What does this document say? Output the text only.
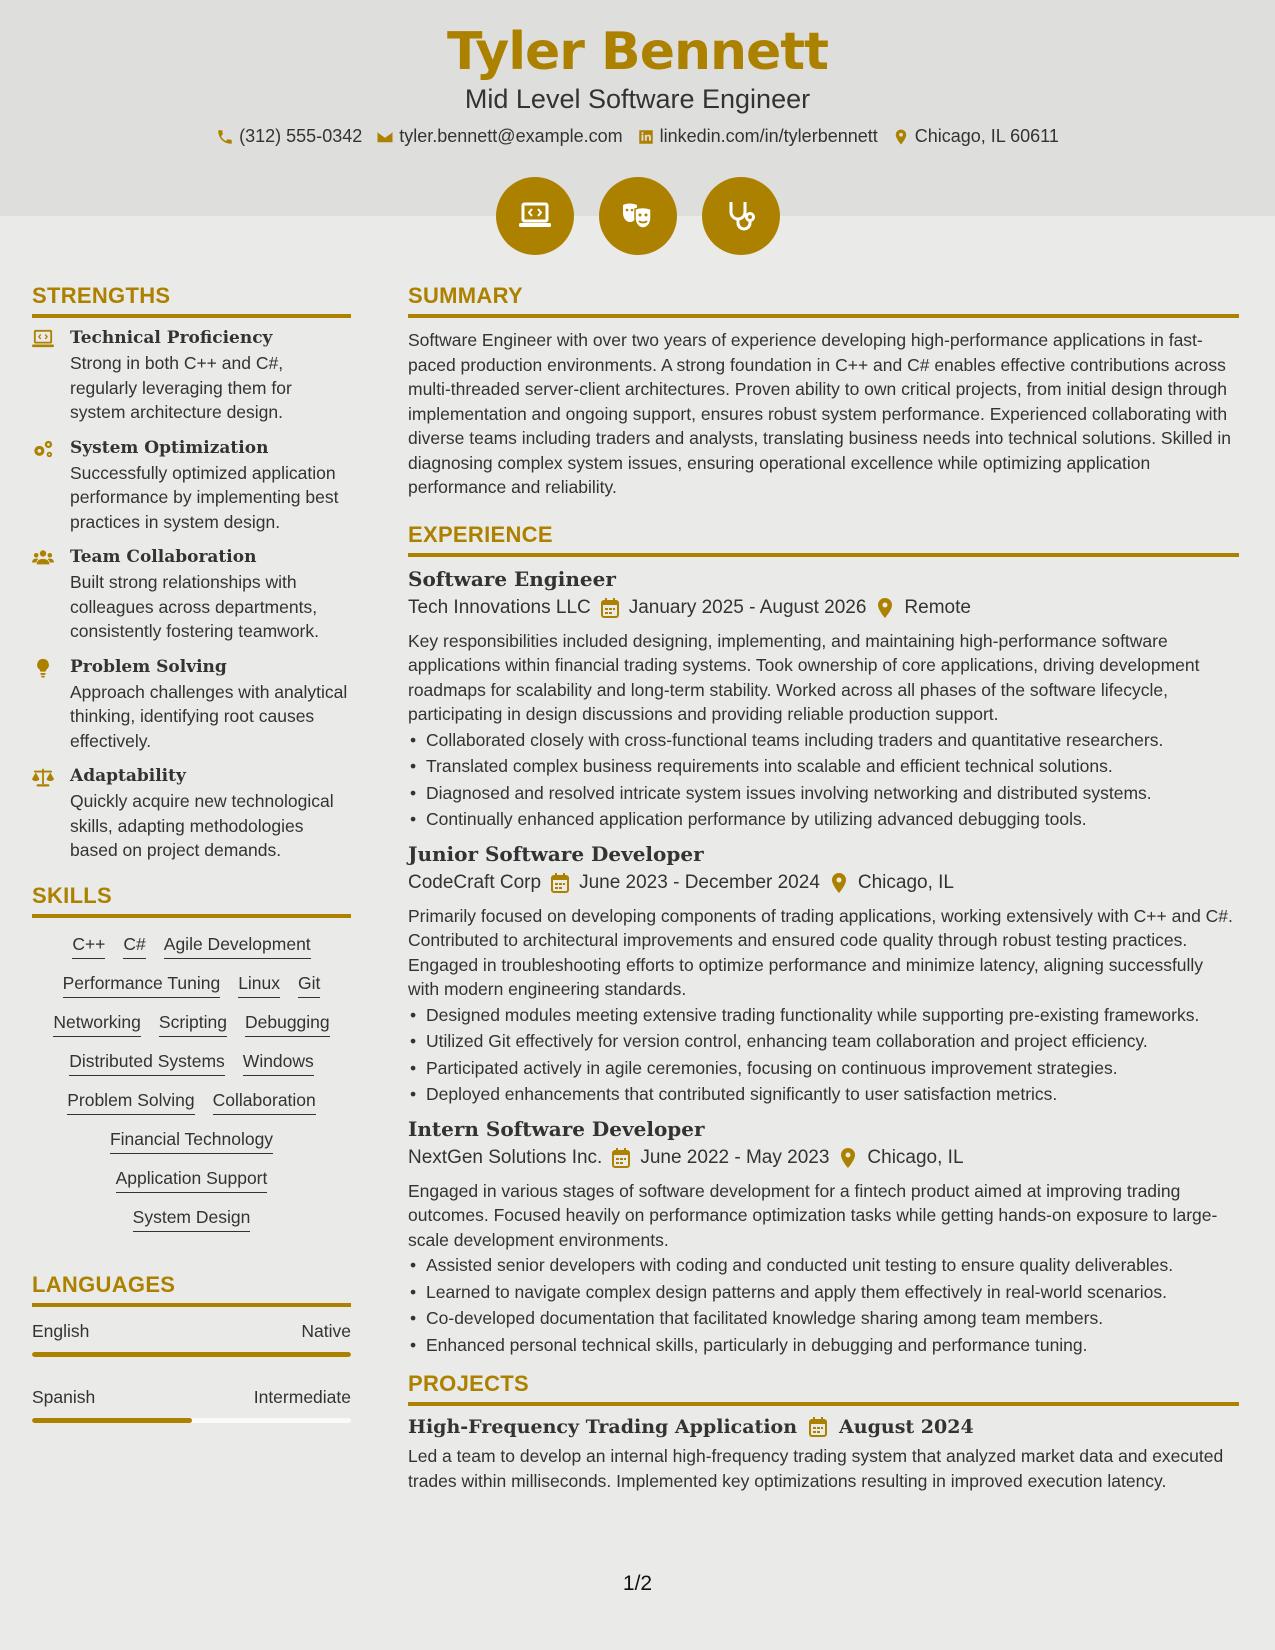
Tyler Bennett
Mid Level Software Engineer
(312) 555-0342 tyler.bennett@example.com linkedin.com/in/tylerbennett Chicago, IL 60611
STRENGTHS
Technical Proficiency
Strong in both C++ and C#, regularly leveraging them for system architecture design.
System Optimization
Successfully optimized application performance by implementing best practices in system design.
Team Collaboration
Built strong relationships with colleagues across departments, consistently fostering teamwork.
Problem Solving
Approach challenges with analytical thinking, identifying root causes effectively.
Adaptability
Quickly acquire new technological skills, adapting methodologies based on project demands.
SKILLS
C++ C# Agile Development
Performance Tuning Linux Git
Networking Scripting Debugging
Distributed Systems Windows
Problem Solving Collaboration
Financial Technology
Application Support
System Design
LANGUAGES
English	Native
Spanish	Intermediate
SUMMARY
Software Engineer with over two years of experience developing high-performance applications in fast-paced production environments. A strong foundation in C++ and C# enables effective contributions across multi-threaded server-client architectures. Proven ability to own critical projects, from initial design through implementation and ongoing support, ensures robust system performance. Experienced collaborating with diverse teams including traders and analysts, translating business needs into technical solutions. Skilled in diagnosing complex system issues, ensuring operational excellence while optimizing application performance and reliability.
EXPERIENCE
Software Engineer
Tech Innovations LLC January 2025 - August 2026 Remote
Key responsibilities included designing, implementing, and maintaining high-performance software applications within financial trading systems. Took ownership of core applications, driving development roadmaps for scalability and long-term stability. Worked across all phases of the software lifecycle, participating in design discussions and providing reliable production support.
• Collaborated closely with cross-functional teams including traders and quantitative researchers.
• Translated complex business requirements into scalable and efficient technical solutions.
• Diagnosed and resolved intricate system issues involving networking and distributed systems.
• Continually enhanced application performance by utilizing advanced debugging tools.
Junior Software Developer
CodeCraft Corp June 2023 - December 2024 Chicago, IL
Primarily focused on developing components of trading applications, working extensively with C++ and C#. Contributed to architectural improvements and ensured code quality through robust testing practices. Engaged in troubleshooting efforts to optimize performance and minimize latency, aligning successfully with modern engineering standards.
• Designed modules meeting extensive trading functionality while supporting pre-existing frameworks.
• Utilized Git effectively for version control, enhancing team collaboration and project efficiency.
• Participated actively in agile ceremonies, focusing on continuous improvement strategies.
• Deployed enhancements that contributed significantly to user satisfaction metrics.
Intern Software Developer
NextGen Solutions Inc. June 2022 - May 2023 Chicago, IL
Engaged in various stages of software development for a fintech product aimed at improving trading outcomes. Focused heavily on performance optimization tasks while getting hands-on exposure to large-scale development environments.
• Assisted senior developers with coding and conducted unit testing to ensure quality deliverables.
• Learned to navigate complex design patterns and apply them effectively in real-world scenarios.
• Co-developed documentation that facilitated knowledge sharing among team members.
• Enhanced personal technical skills, particularly in debugging and performance tuning.
PROJECTS
High-Frequency Trading Application August 2024
Led a team to develop an internal high-frequency trading system that analyzed market data and executed trades within milliseconds. Implemented key optimizations resulting in improved execution latency.
1/2
